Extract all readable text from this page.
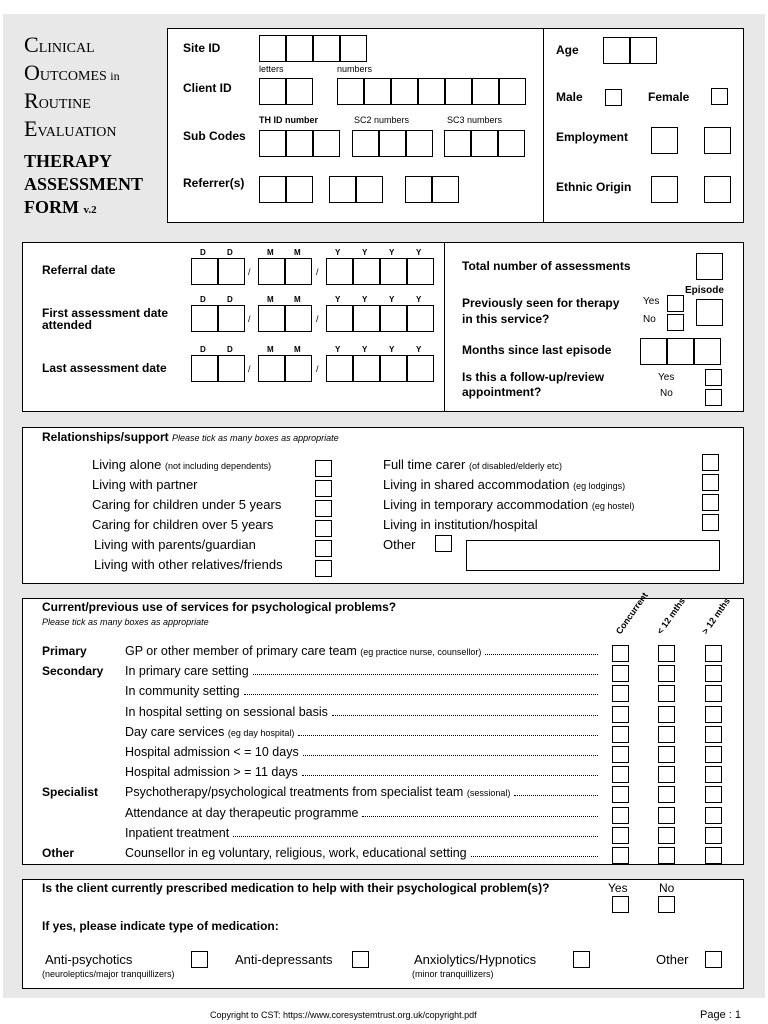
CLINICAL
OUTCOMES in
ROUTINE
EVALUATION
THERAPY
ASSESSMENT
FORM v.2
Site ID
letters	numbers
Client ID
TH ID number	SC2 numbers	SC3 numbers
Sub Codes
Referrer(s)
Age
Male	Female
Employment
Ethnic Origin
Referral date
First assessment date
attended
Last assessment date
Total number of assessments
Episode
Previously seen for therapy
in this service?
Yes
No
Months since last episode
Is this a follow-up/review
appointment?
Yes
No
Relationships/support Please tick as many boxes as appropriate
Current/previous use of services for psychological problems?
Please tick as many boxes as appropriate	Concurrent < 12 mths > 12 mths
Is the client currently prescribed medication to help with their psychological problem(s)?	Yes	No
If yes, please indicate type of medication:
Anti-psychotics
(neuroleptics/major tranquillizers)
Anti-depressants	Anxiolytics/Hypnotics
(minor tranquillizers)
Other
Copyright to CST: https://www.coresystemtrust.org.uk/copyright.pdf	Page : 1
D	D	M	M	Y	Y	Y	Y
/	/
D	D	M	M	Y	Y	Y	Y
/	/
D	D	M	M	Y	Y	Y	Y
/	/
Living alone (not including dependents)
Living with partner
Caring for children under 5 years
Caring for children over 5 years
Living with parents/guardian
Living with other relatives/friends
Full time carer (of disabled/elderly etc)
Living in shared accommodation (eg lodgings)
Living in temporary accommodation (eg hostel)
Living in institution/hospital
Other
Primary	GP or other member of primary care team (eg practice nurse, counsellor)
Secondary In primary care setting
In community setting
In hospital setting on sessional basis
Day care services (eg day hospital)
Hospital admission < = 10 days
Hospital admission > = 11 days
Specialist Psychotherapy/psychological treatments from specialist team (sessional)
Attendance at day therapeutic programme
Inpatient treatment
Other	Counsellor in eg voluntary, religious, work, educational setting
